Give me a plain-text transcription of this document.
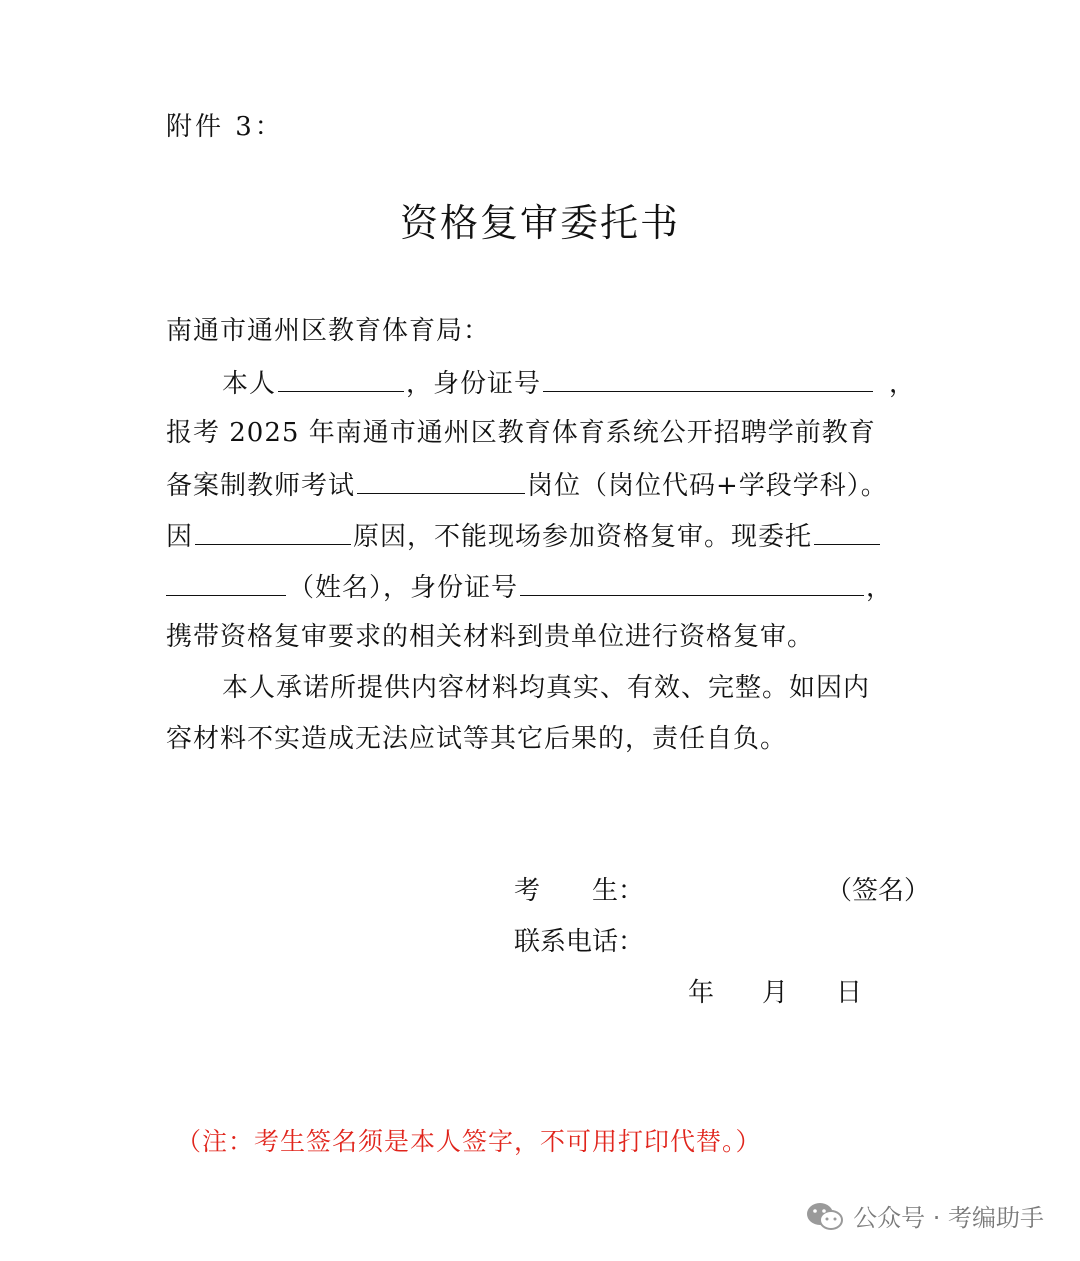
附件 3：
资格复审委托书
南通市通州区教育体育局：
本人	，身份证号	，
报考 2025 年南通市通州区教育体育系统公开招聘学前教育
备案制教师考试	岗位（岗位代码+学段学科）。
因	原因，不能现场参加资格复审。现委托
（姓名），身份证号	，
携带资格复审要求的相关材料到贵单位进行资格复审。
本人承诺所提供内容材料均真实、有效、完整。如因内
容材料不实造成无法应试等其它后果的，责任自负。
考　　生：	（签名）
联系电话：
年 月 日
（注：考生签名须是本人签字，不可用打印代替。）
公众号 · 考编助手
